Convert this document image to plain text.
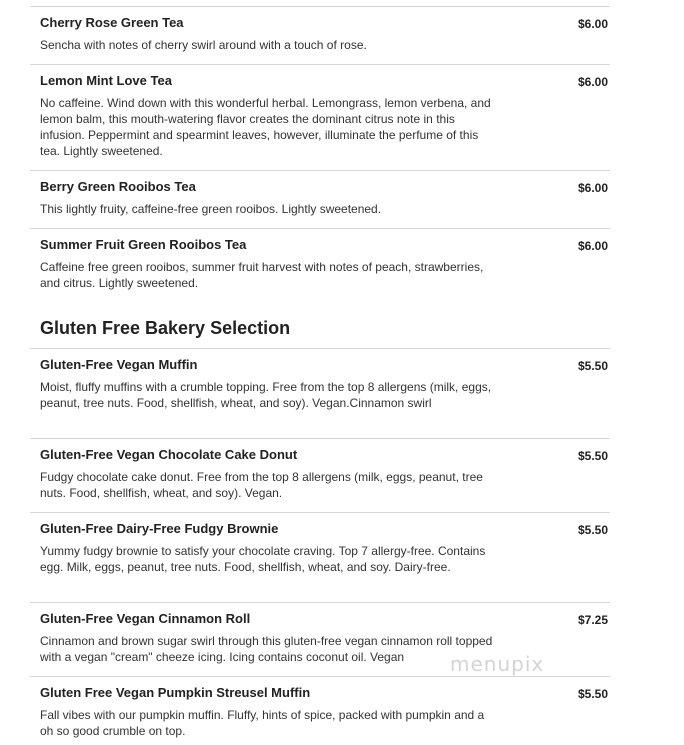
Cherry Rose Green Tea	$6.00
Sencha with notes of cherry swirl around with a touch of rose.
Lemon Mint Love Tea	$6.00
No caffeine. Wind down with this wonderful herbal. Lemongrass, lemon verbena, and lemon balm, this mouth-watering flavor creates the dominant citrus note in this infusion. Peppermint and spearmint leaves, however, illuminate the perfume of this tea. Lightly sweetened.
Berry Green Rooibos Tea	$6.00
This lightly fruity, caffeine-free green rooibos. Lightly sweetened.
Summer Fruit Green Rooibos Tea	$6.00
Caffeine free green rooibos, summer fruit harvest with notes of peach, strawberries, and citrus. Lightly sweetened.
Gluten Free Bakery Selection
Gluten-Free Vegan Muffin	$5.50
Moist, fluffy muffins with a crumble topping. Free from the top 8 allergens (milk, eggs, peanut, tree nuts. Food, shellfish, wheat, and soy). Vegan.Cinnamon swirl
Gluten-Free Vegan Chocolate Cake Donut	$5.50
Fudgy chocolate cake donut. Free from the top 8 allergens (milk, eggs, peanut, tree nuts. Food, shellfish, wheat, and soy). Vegan.
Gluten-Free Dairy-Free Fudgy Brownie	$5.50
Yummy fudgy brownie to satisfy your chocolate craving. Top 7 allergy-free. Contains egg. Milk, eggs, peanut, tree nuts. Food, shellfish, wheat, and soy. Dairy-free.
Gluten-Free Vegan Cinnamon Roll	$7.25
Cinnamon and brown sugar swirl through this gluten-free vegan cinnamon roll topped with a vegan "cream" cheeze icing. Icing contains coconut oil. Vegan
Gluten Free Vegan Pumpkin Streusel Muffin	$5.50
Fall vibes with our pumpkin muffin. Fluffy, hints of spice, packed with pumpkin and a oh so good crumble on top.
menupix
